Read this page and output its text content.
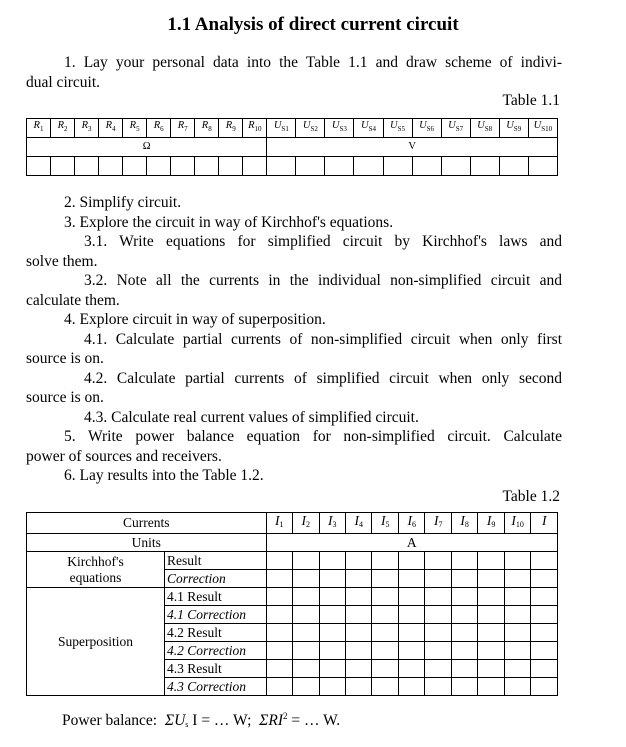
1.1 Analysis of direct current circuit
1. Lay your personal data into the Table 1.1 and draw scheme of indivi-
dual circuit.
Table 1.1
$R_1$	$R_2$	$R_3$	$R_4$	$R_5$	$R_6$	$R_7$	$R_8$	$R_9$	$R_{10}$	$U_{S1}$	$U_{S2}$	$U_{S3}$	$U_{S4}$	$U_{S5}$	$U_{S6}$	$U_{S7}$	$U_{S8}$	$U_{S9}$	$U_{S10}$
Ω										V									

2. Simplify circuit.
3. Explore the circuit in way of Kirchhof's equations.
3.1. Write equations for simplified circuit by Kirchhof's laws and
solve them.
3.2. Note all the currents in the individual non-simplified circuit and
calculate them.
4. Explore circuit in way of superposition.
4.1. Calculate partial currents of non-simplified circuit when only first
source is on.
4.2. Calculate partial currents of simplified circuit when only second
source is on.
4.3. Calculate real current values of simplified circuit.
5. Write power balance equation for non-simplified circuit. Calculate
power of sources and receivers.
6. Lay results into the Table 1.2.
Table 1.2
Currents		$I_1$	$I_2$	$I_3$	$I_4$	$I_5$	$I_6$	$I_7$	$I_8$	$I_9$	$I_{10}$	I
Units		A										

Kirchhof's
equations	Result											
	Correction											
Superposition	4.1 Result											
	4.1 Correction											
	4.2 Result											
	4.2 Correction											
	4.3 Result											
	4.3 Correction											
Power balance: $\Sigma U_s$ I = … W; $\Sigma RI^2$ = … W.
